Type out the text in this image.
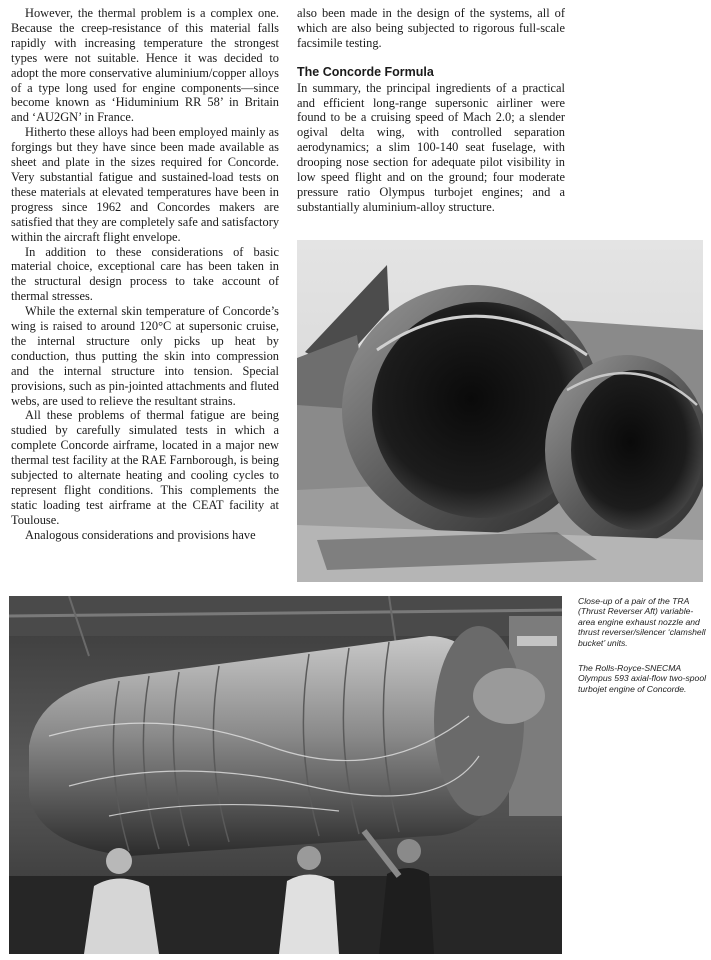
However, the thermal problem is a complex one. Because the creep-resistance of this material falls rapidly with increasing temperature the strongest types were not suitable. Hence it was decided to adopt the more conservative aluminium/copper alloys of a type long used for engine components—since become known as ‘Hiduminium RR 58’ in Britain and ‘AU2GN’ in France.

Hitherto these alloys had been employed mainly as forgings but they have since been made available as sheet and plate in the sizes required for Concorde. Very substantial fatigue and sustained-load tests on these materials at elevated temperatures have been in progress since 1962 and Concordes makers are satisfied that they are completely safe and satisfactory within the aircraft flight envelope.

In addition to these considerations of basic material choice, exceptional care has been taken in the structural design process to take account of thermal stresses.

While the external skin temperature of Concorde’s wing is raised to around 120°C at supersonic cruise, the internal structure only picks up heat by conduction, thus putting the skin into compression and the internal structure into tension. Special provisions, such as pin-jointed attachments and fluted webs, are used to relieve the resultant strains.

All these problems of thermal fatigue are being studied by carefully simulated tests in which a complete Concorde airframe, located in a major new thermal test facility at the RAE Farnborough, is being subjected to alternate heating and cooling cycles to represent flight conditions. This complements the static loading test airframe at the CEAT facility at Toulouse.

Analogous considerations and provisions have

also been made in the design of the systems, all of which are also being subjected to rigorous full-scale facsimile testing.

The Concorde Formula

In summary, the principal ingredients of a practical and efficient long-range supersonic airliner were found to be a cruising speed of Mach 2.0; a slender ogival delta wing, with controlled separation aerodynamics; a slim 100-140 seat fuselage, with drooping nose section for adequate pilot visibility in low speed flight and on the ground; four moderate pressure ratio Olympus turbojet engines; and a substantially aluminium-alloy structure.

Close-up of a pair of the TRA (Thrust Reverser Aft) variable-area engine exhaust nozzle and thrust reverser/silencer ‘clamshell bucket’ units.
The Rolls-Royce-SNECMA Olympus 593 axial-flow two-spool turbojet engine of Concorde.
